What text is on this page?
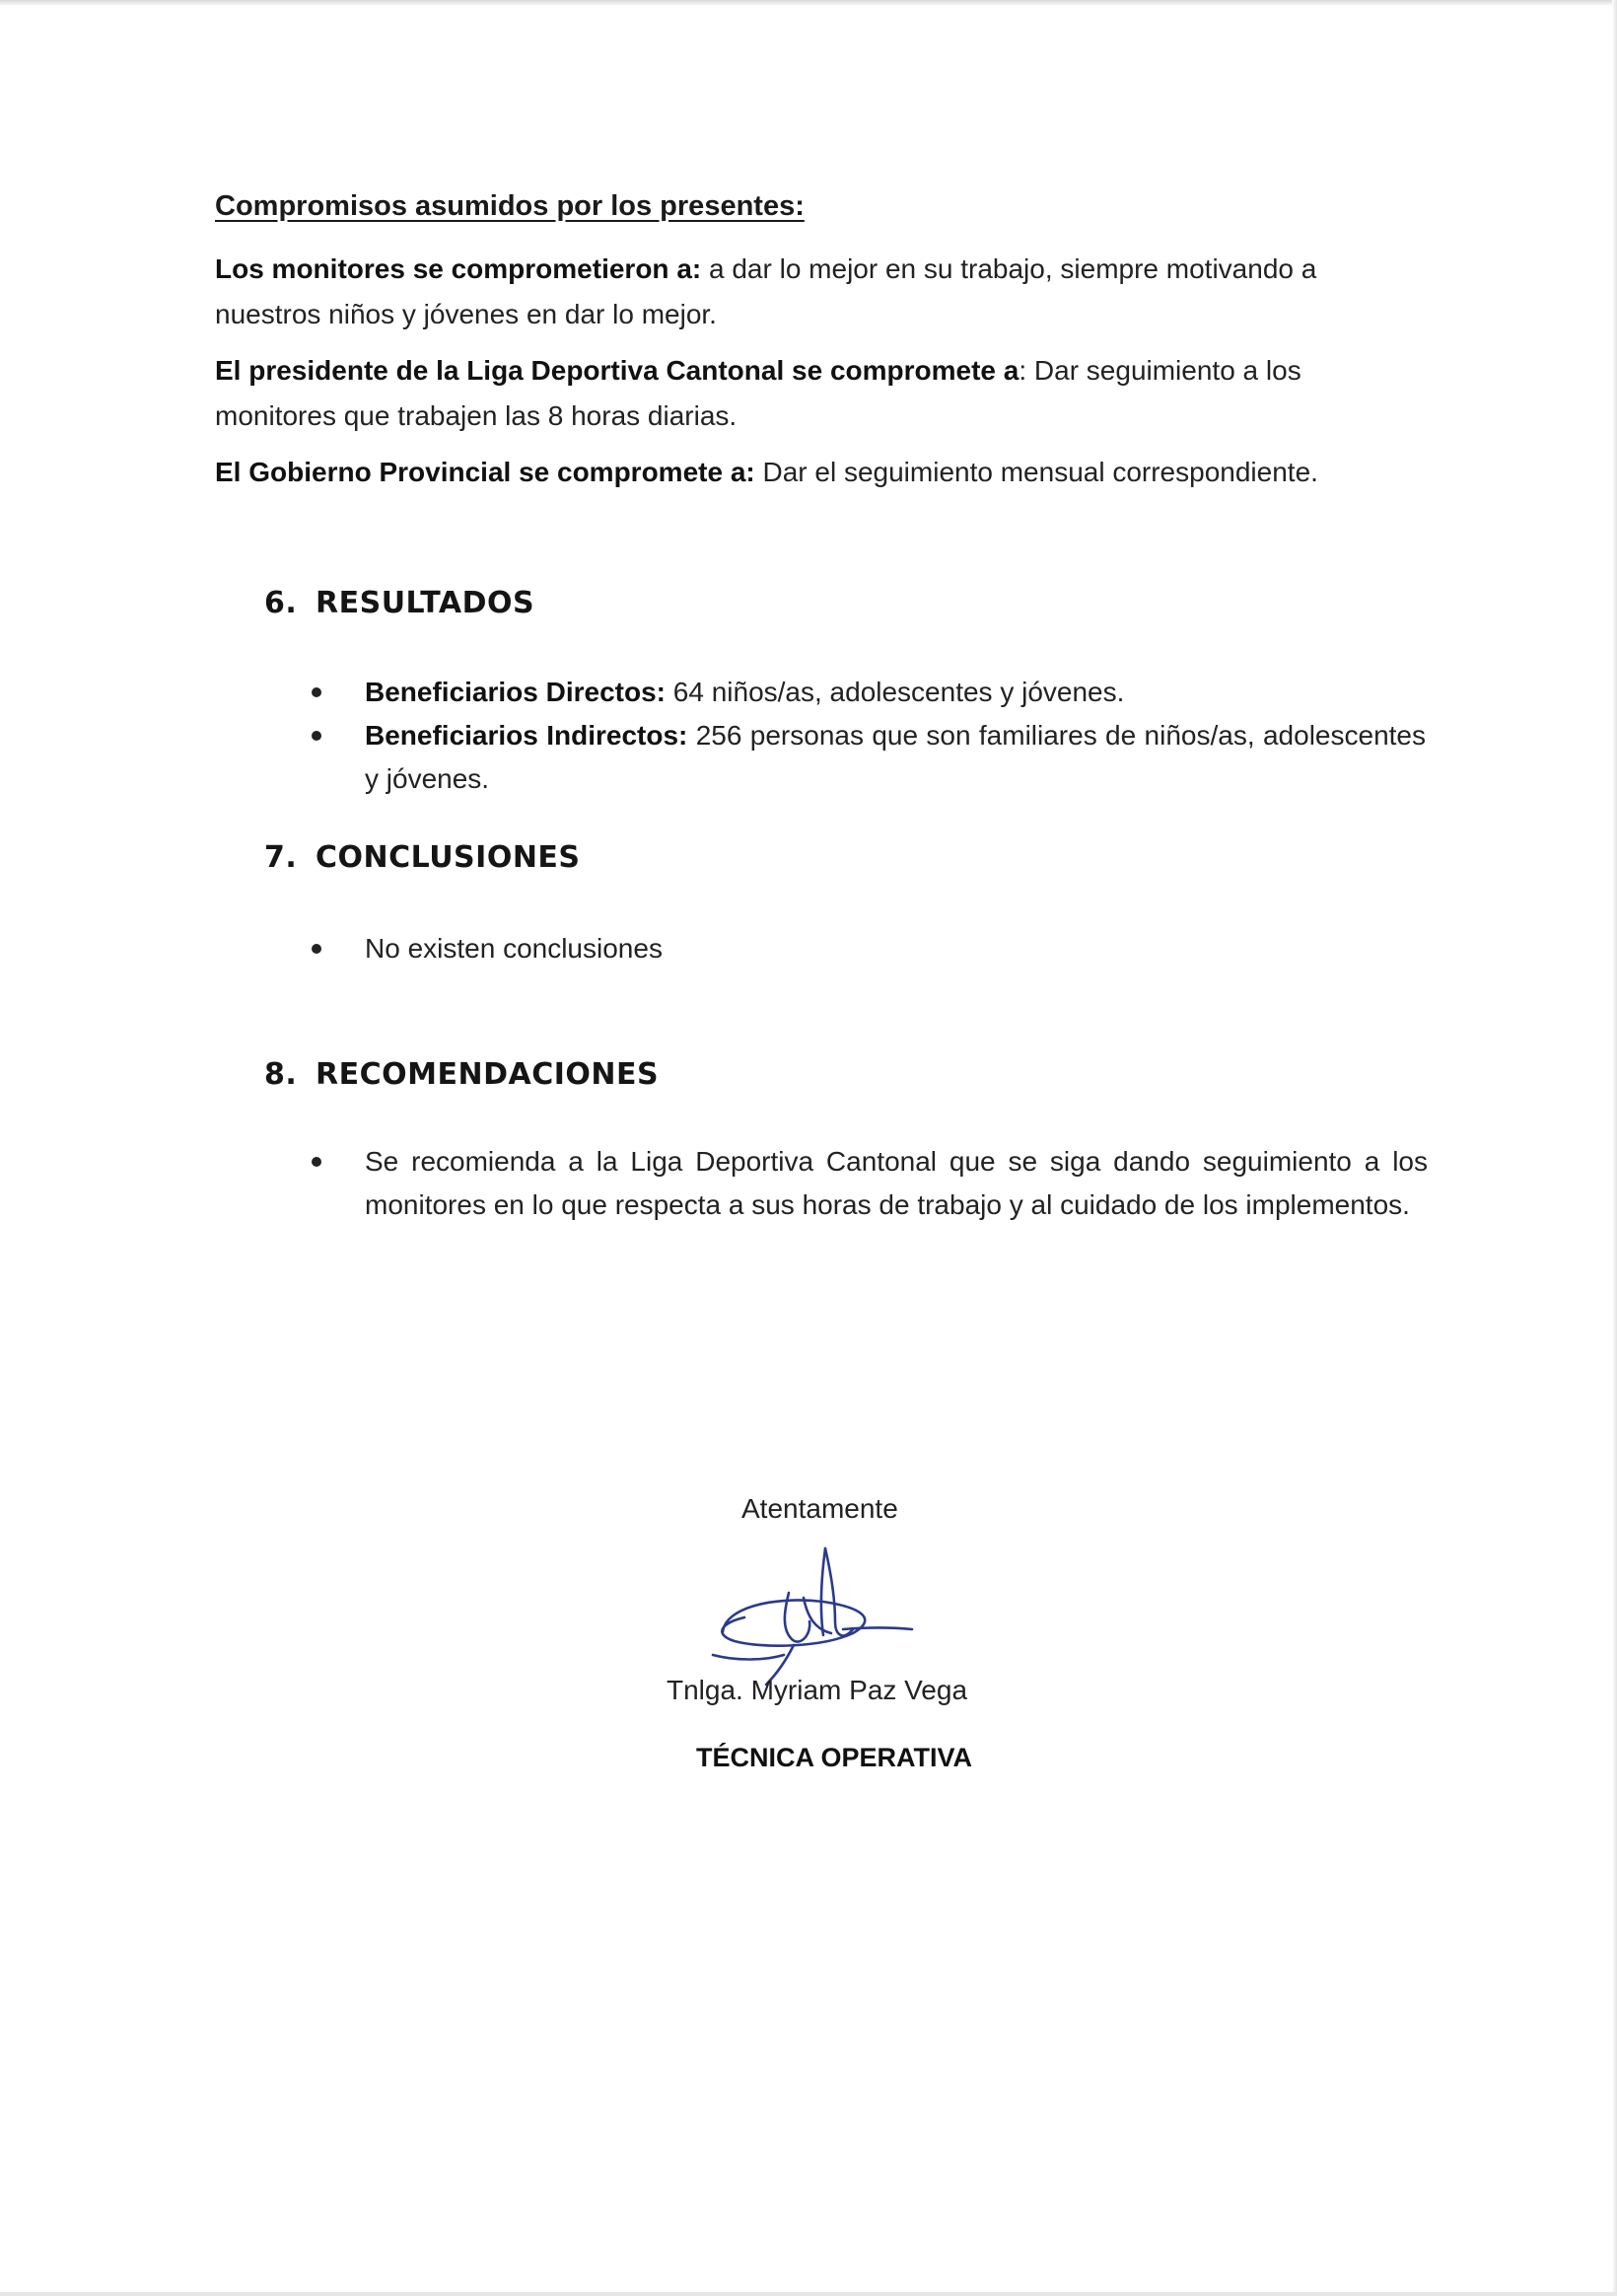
Compromisos asumidos por los presentes:
Los monitores se comprometieron a: a dar lo mejor en su trabajo, siempre motivando a nuestros niños y jóvenes en dar lo mejor.
El presidente de la Liga Deportiva Cantonal se compromete a: Dar seguimiento a los monitores que trabajen las 8 horas diarias.
El Gobierno Provincial se compromete a: Dar el seguimiento mensual correspondiente.
6. RESULTADOS
Beneficiarios Directos: 64 niños/as, adolescentes y jóvenes.
Beneficiarios Indirectos: 256 personas que son familiares de niños/as, adolescentes y jóvenes.
7. CONCLUSIONES
No existen conclusiones
8. RECOMENDACIONES
Se recomienda a la Liga Deportiva Cantonal que se siga dando seguimiento a los monitores en lo que respecta a sus horas de trabajo y al cuidado de los implementos.
Atentamente
Tnlga. Myriam Paz Vega
TÉCNICA OPERATIVA
